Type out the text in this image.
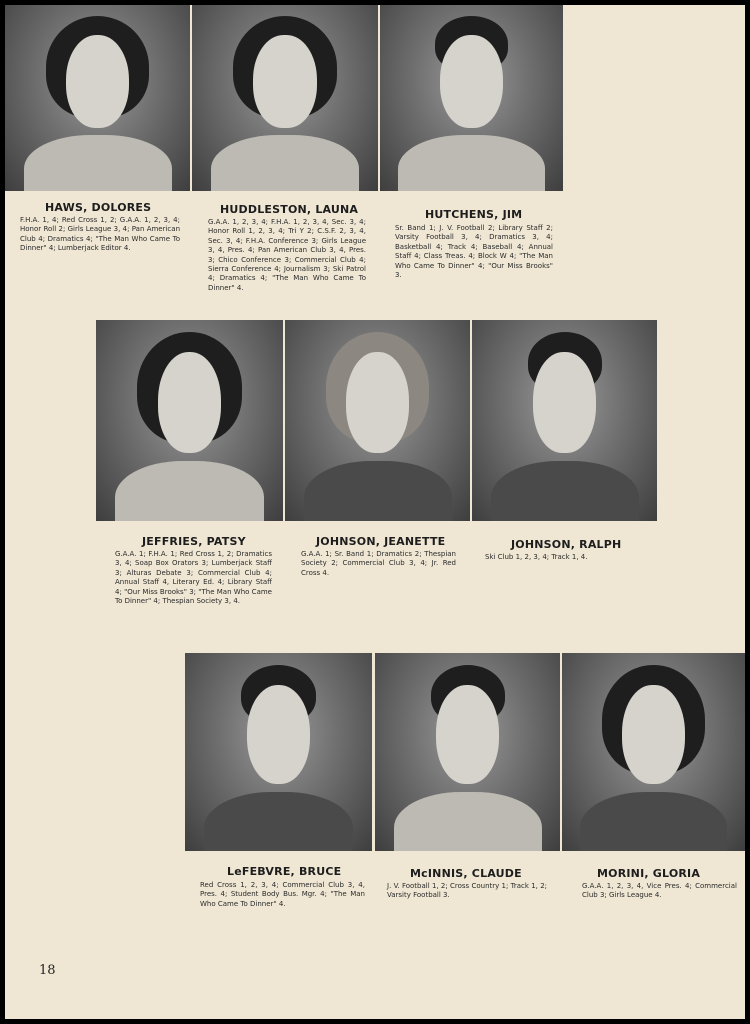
HAWS, DOLORES
F.H.A. 1, 4; Red Cross 1, 2; G.A.A. 1, 2, 3, 4; Honor Roll 2; Girls League 3, 4; Pan American Club 4; Dramatics 4; "The Man Who Came To Dinner" 4; Lumberjack Editor 4.
HUDDLESTON, LAUNA
G.A.A. 1, 2, 3, 4; F.H.A. 1, 2, 3, 4, Sec. 3, 4; Honor Roll 1, 2, 3, 4; Tri Y 2; C.S.F. 2, 3, 4, Sec. 3, 4; F.H.A. Conference 3; Girls League 3, 4, Pres. 4; Pan American Club 3, 4, Pres. 3; Chico Conference 3; Commercial Club 4; Sierra Conference 4; Journalism 3; Ski Patrol 4; Dramatics 4; "The Man Who Came To Dinner" 4.
HUTCHENS, JIM
Sr. Band 1; J. V. Football 2; Library Staff 2; Varsity Football 3, 4; Dramatics 3, 4; Basketball 4; Track 4; Baseball 4; Annual Staff 4; Class Treas. 4; Block W 4; "The Man Who Came To Dinner" 4; "Our Miss Brooks" 3.
JEFFRIES, PATSY
G.A.A. 1; F.H.A. 1; Red Cross 1, 2; Dramatics 3, 4; Soap Box Orators 3; Lumberjack Staff 3; Alturas Debate 3; Commercial Club 4; Annual Staff 4, Literary Ed. 4; Library Staff 4; "Our Miss Brooks" 3; "The Man Who Came To Dinner" 4; Thespian Society 3, 4.
JOHNSON, JEANETTE
G.A.A. 1; Sr. Band 1; Dramatics 2; Thespian Society 2; Commercial Club 3, 4; Jr. Red Cross 4.
JOHNSON, RALPH
Ski Club 1, 2, 3, 4; Track 1, 4.
LeFEBVRE, BRUCE
Red Cross 1, 2, 3, 4; Commercial Club 3, 4, Pres. 4; Student Body Bus. Mgr. 4; "The Man Who Came To Dinner" 4.
McINNIS, CLAUDE
J. V. Football 1, 2; Cross Country 1; Track 1, 2; Varsity Football 3.
MORINI, GLORIA
G.A.A. 1, 2, 3, 4, Vice Pres. 4; Commercial Club 3; Girls League 4.
18
